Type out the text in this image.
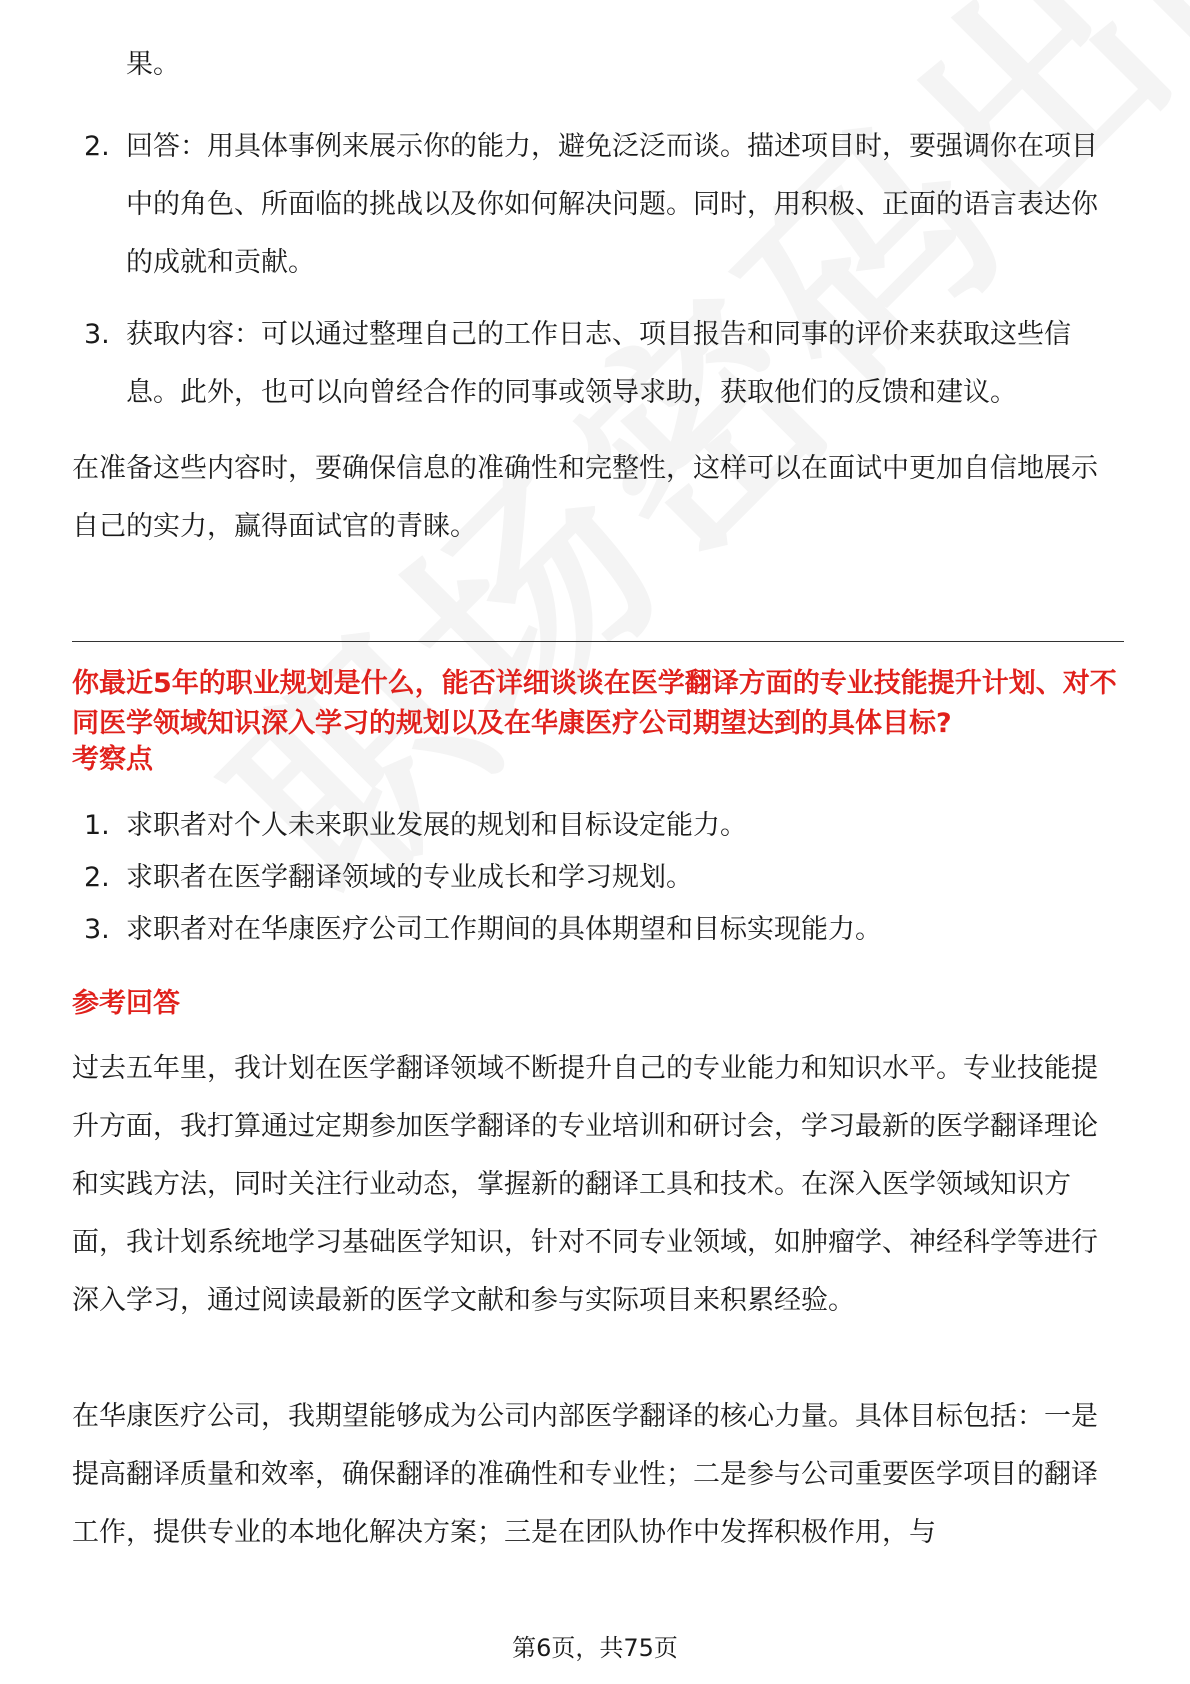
果。
2. 回答：用具体事例来展示你的能力，避免泛泛而谈。描述项目时，要强调你在项目中的角色、所面临的挑战以及你如何解决问题。同时，用积极、正面的语言表达你的成就和贡献。
3. 获取内容：可以通过整理自己的工作日志、项目报告和同事的评价来获取这些信息。此外，也可以向曾经合作的同事或领导求助，获取他们的反馈和建议。
在准备这些内容时，要确保信息的准确性和完整性，这样可以在面试中更加自信地展示自己的实力，赢得面试官的青睐。
你最近5年的职业规划是什么，能否详细谈谈在医学翻译方面的专业技能提升计划、对不同医学领域知识深入学习的规划以及在华康医疗公司期望达到的具体目标?
考察点
1. 求职者对个人未来职业发展的规划和目标设定能力。
2. 求职者在医学翻译领域的专业成长和学习规划。
3. 求职者对在华康医疗公司工作期间的具体期望和目标实现能力。
参考回答
过去五年里，我计划在医学翻译领域不断提升自己的专业能力和知识水平。专业技能提升方面，我打算通过定期参加医学翻译的专业培训和研讨会，学习最新的医学翻译理论和实践方法，同时关注行业动态，掌握新的翻译工具和技术。在深入医学领域知识方面，我计划系统地学习基础医学知识，针对不同专业领域，如肿瘤学、神经科学等进行深入学习，通过阅读最新的医学文献和参与实际项目来积累经验。
在华康医疗公司，我期望能够成为公司内部医学翻译的核心力量。具体目标包括：一是提高翻译质量和效率，确保翻译的准确性和专业性；二是参与公司重要医学项目的翻译工作，提供专业的本地化解决方案；三是在团队协作中发挥积极作用，与
第6页，共75页
